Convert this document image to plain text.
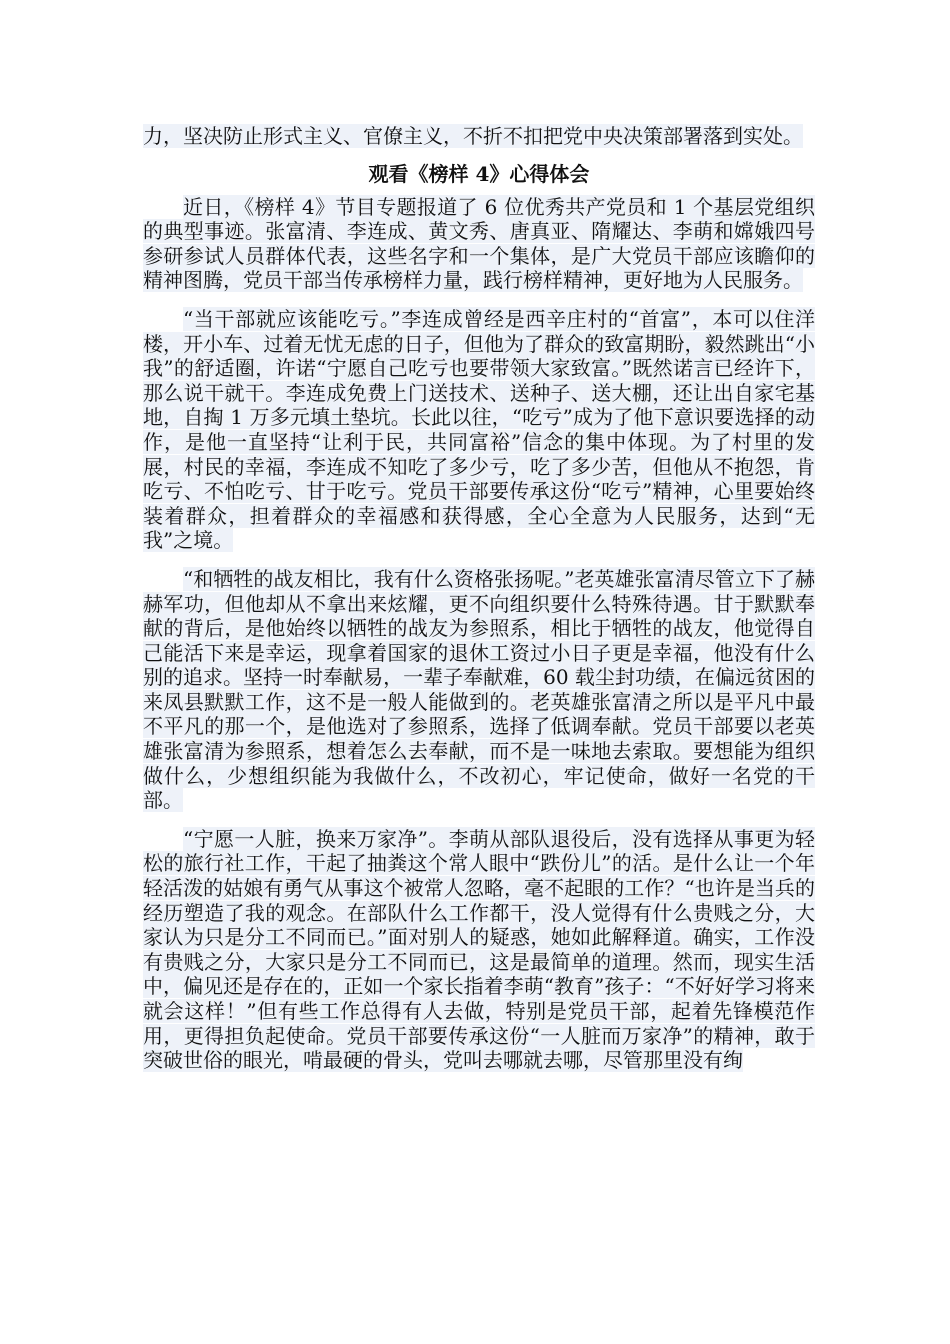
力，坚决防止形式主义、官僚主义，不折不扣把党中央决策部署落到实处。

观看《榜样 4》心得体会

近日，《榜样 4》节目专题报道了 6 位优秀共产党员和 1 个基层党组织的典型事迹。张富清、李连成、黄文秀、唐真亚、隋耀达、李萌和嫦娥四号参研参试人员群体代表，这些名字和一个集体，是广大党员干部应该瞻仰的精神图腾，党员干部当传承榜样力量，践行榜样精神，更好地为人民服务。

“当干部就应该能吃亏。”李连成曾经是西辛庄村的“首富”，本可以住洋楼，开小车、过着无忧无虑的日子，但他为了群众的致富期盼，毅然跳出“小我”的舒适圈，许诺“宁愿自己吃亏也要带领大家致富。”既然诺言已经许下，那么说干就干。李连成免费上门送技术、送种子、送大棚，还让出自家宅基地，自掏 1 万多元填土垫坑。长此以往，“吃亏”成为了他下意识要选择的动作，是他一直坚持“让利于民，共同富裕”信念的集中体现。为了村里的发展，村民的幸福，李连成不知吃了多少亏，吃了多少苦，但他从不抱怨，肯吃亏、不怕吃亏、甘于吃亏。党员干部要传承这份“吃亏”精神，心里要始终装着群众，担着群众的幸福感和获得感，全心全意为人民服务，达到“无我”之境。

“和牺牲的战友相比，我有什么资格张扬呢。”老英雄张富清尽管立下了赫赫军功，但他却从不拿出来炫耀，更不向组织要什么特殊待遇。甘于默默奉献的背后，是他始终以牺牲的战友为参照系，相比于牺牲的战友，他觉得自己能活下来是幸运，现拿着国家的退休工资过小日子更是幸福，他没有什么别的追求。坚持一时奉献易，一辈子奉献难，60 载尘封功绩，在偏远贫困的来凤县默默工作，这不是一般人能做到的。老英雄张富清之所以是平凡中最不平凡的那一个，是他选对了参照系，选择了低调奉献。党员干部要以老英雄张富清为参照系，想着怎么去奉献，而不是一味地去索取。要想能为组织做什么，少想组织能为我做什么，不改初心，牢记使命，做好一名党的干部。

“宁愿一人脏，换来万家净”。李萌从部队退役后，没有选择从事更为轻松的旅行社工作，干起了抽粪这个常人眼中“跌份儿”的活。是什么让一个年轻活泼的姑娘有勇气从事这个被常人忽略，毫不起眼的工作？“也许是当兵的经历塑造了我的观念。在部队什么工作都干，没人觉得有什么贵贱之分，大家认为只是分工不同而已。”面对别人的疑惑，她如此解释道。确实，工作没有贵贱之分，大家只是分工不同而已，这是最简单的道理。然而，现实生活中，偏见还是存在的，正如一个家长指着李萌“教育”孩子：“不好好学习将来就会这样！”但有些工作总得有人去做，特别是党员干部，起着先锋模范作用，更得担负起使命。党员干部要传承这份“一人脏而万家净”的精神，敢于突破世俗的眼光，啃最硬的骨头，党叫去哪就去哪，尽管那里没有绚
